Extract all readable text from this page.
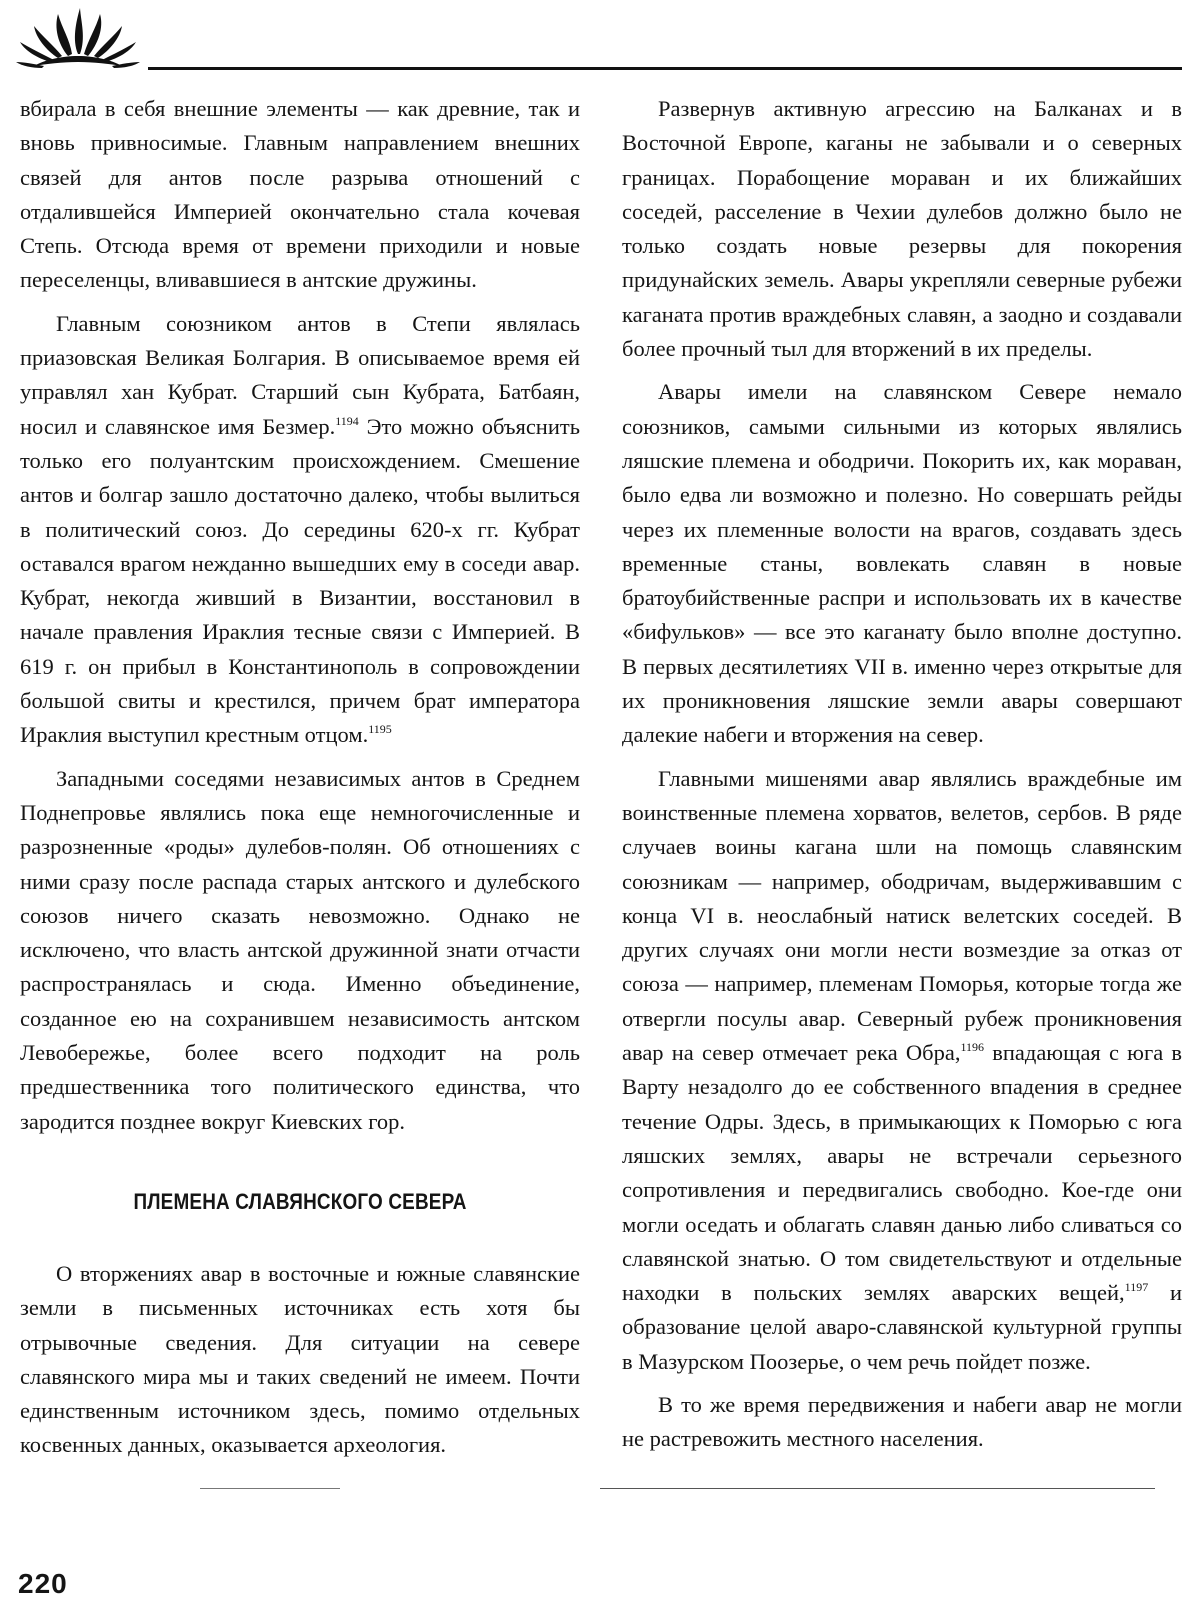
вбирала в себя внешние элементы — как древние, так и вновь привносимые. Главным направлением внешних связей для антов после разрыва отношений с отдалившейся Империей окончательно стала кочевая Степь. Отсюда время от времени приходили и новые переселенцы, вливавшиеся в антские дружины.

Главным союзником антов в Степи являлась приазовская Великая Болгария. В описываемое время ей управлял хан Кубрат. Старший сын Кубрата, Батбаян, носил и славянское имя Безмер.$^{1194}$ Это можно объяснить только его полуантским происхождением. Смешение антов и болгар зашло достаточно далеко, чтобы вылиться в политический союз. До середины 620-х гг. Кубрат оставался врагом нежданно вышедших ему в соседи авар. Кубрат, некогда живший в Византии, восстановил в начале правления Ираклия тесные связи с Империей. В 619 г. он прибыл в Константинополь в сопровождении большой свиты и крестился, причем брат императора Ираклия выступил крестным отцом.$^{1195}$

Западными соседями независимых антов в Среднем Поднепровье являлись пока еще немногочисленные и разрозненные «роды» дулебов-полян. Об отношениях с ними сразу после распада старых антского и дулебского союзов ничего сказать невозможно. Однако не исключено, что власть антской дружинной знати отчасти распространялась и сюда. Именно объединение, созданное ею на сохранившем независимость антском Левобережье, более всего подходит на роль предшественника того политического единства, что зародится позднее вокруг Киевских гор.

ПЛЕМЕНА СЛАВЯНСКОГО СЕВЕРА

О вторжениях авар в восточные и южные славянские земли в письменных источниках есть хотя бы отрывочные сведения. Для ситуации на севере славянского мира мы и таких сведений не имеем. Почти единственным источником здесь, помимо отдельных косвенных данных, оказывается археология.

Развернув активную агрессию на Балканах и в Восточной Европе, каганы не забывали и о северных границах. Порабощение мораван и их ближайших соседей, расселение в Чехии дулебов должно было не только создать новые резервы для покорения придунайских земель. Авары укрепляли северные рубежи каганата против враждебных славян, а заодно и создавали более прочный тыл для вторжений в их пределы.

Авары имели на славянском Севере немало союзников, самыми сильными из которых являлись ляшские племена и ободричи. Покорить их, как мораван, было едва ли возможно и полезно. Но совершать рейды через их племенные волости на врагов, создавать здесь временные станы, вовлекать славян в новые братоубийственные распри и использовать их в качестве «бифульков» — все это каганату было вполне доступно. В первых десятилетиях VII в. именно через открытые для их проникновения ляшские земли авары совершают далекие набеги и вторжения на север.

Главными мишенями авар являлись враждебные им воинственные племена хорватов, велетов, сербов. В ряде случаев воины кагана шли на помощь славянским союзникам — например, ободричам, выдерживавшим с конца VI в. неослабный натиск велетских соседей. В других случаях они могли нести возмездие за отказ от союза — например, племенам Поморья, которые тогда же отвергли посулы авар. Северный рубеж проникновения авар на север отмечает река Обра,$^{1196}$ впадающая с юга в Варту незадолго до ее собственного впадения в среднее течение Одры. Здесь, в примыкающих к Поморью с юга ляшских землях, авары не встречали серьезного сопротивления и передвигались свободно. Кое-где они могли оседать и облагать славян данью либо сливаться со славянской знатью. О том свидетельствуют и отдельные находки в польских землях аварских вещей,$^{1197}$ и образование целой аваро-славянской культурной группы в Мазурском Поозерье, о чем речь пойдет позже.

В то же время передвижения и набеги авар не могли не растревожить местного населения.

220
